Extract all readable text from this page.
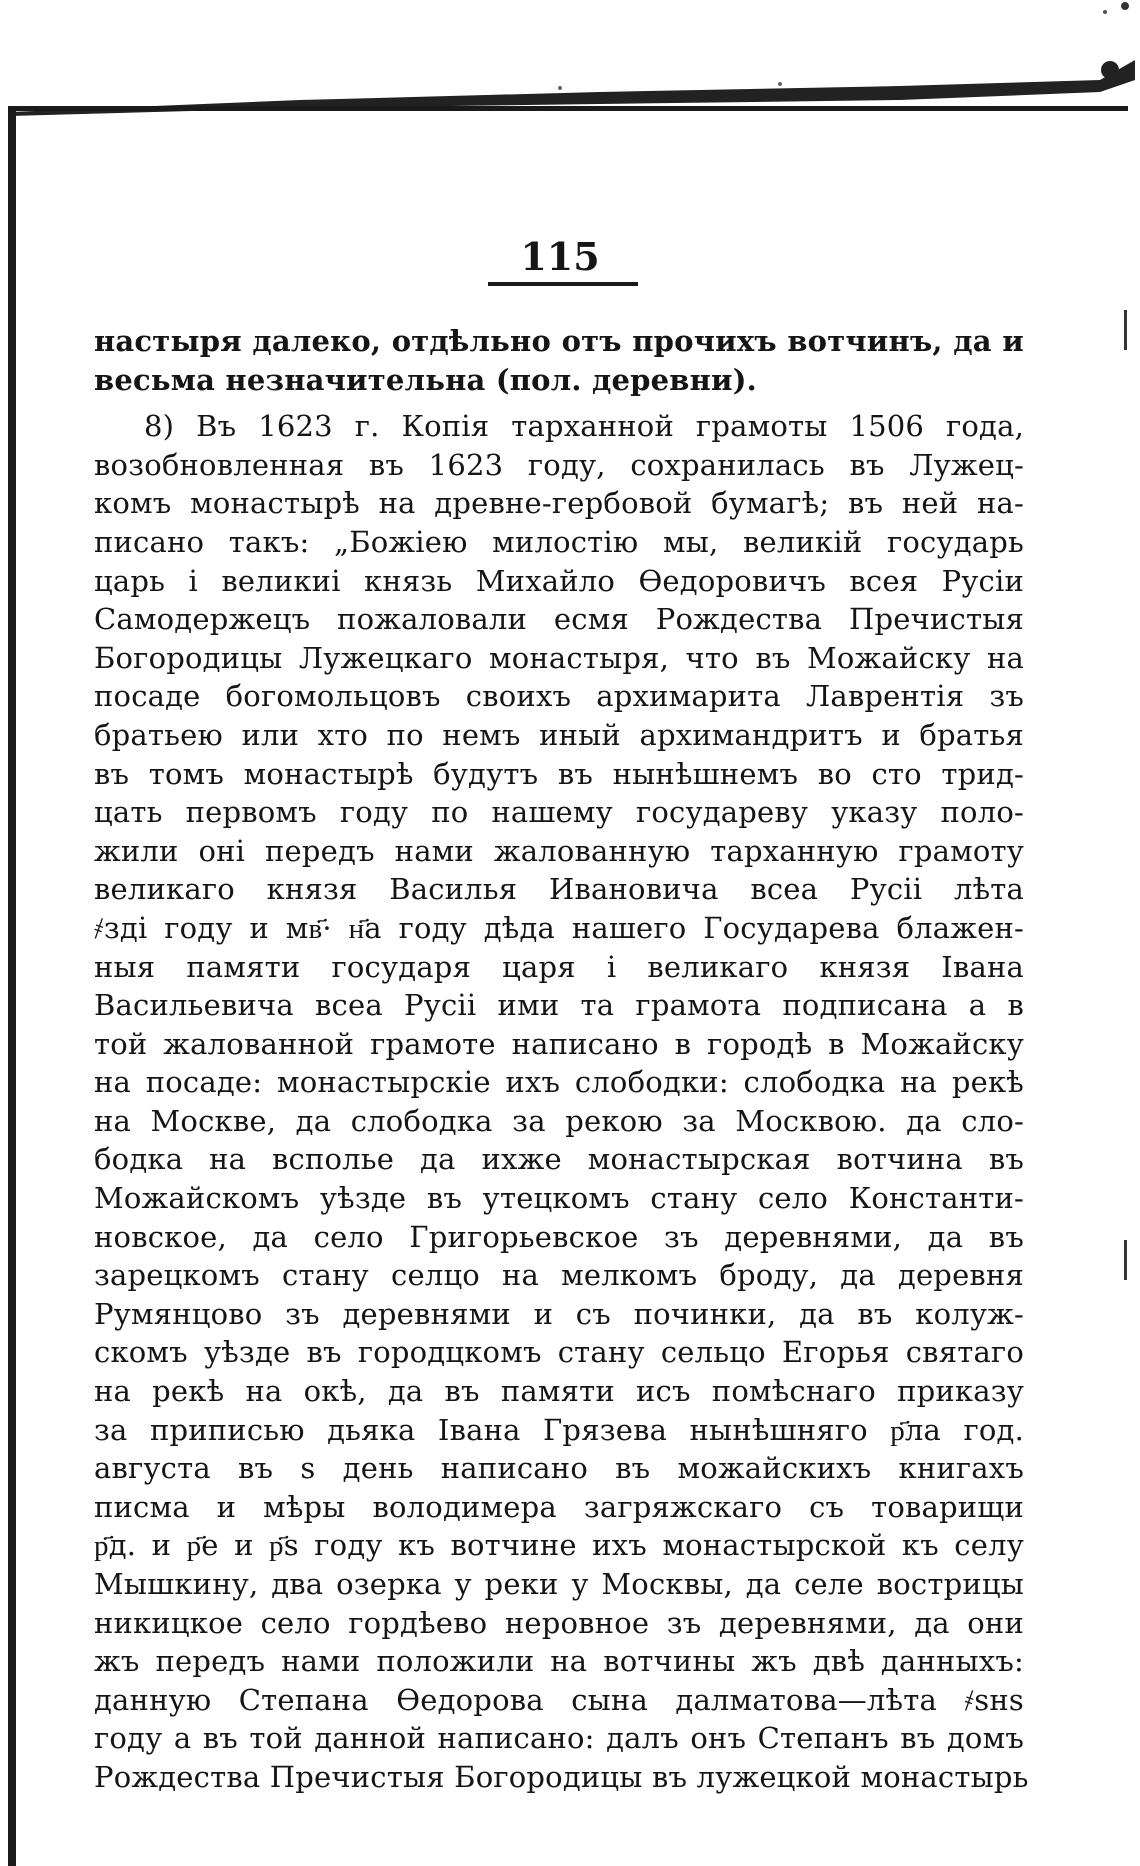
115
настыря далеко, отдѣльно отъ прочихъ вотчинъ, да и
весьма незначительна (пол. деревни).
8) Въ 1623 г. Копія тарханной грамоты 1506 года,
возобновленная въ 1623 году, сохранилась въ Лужец-
комъ монастырѣ на древне-гербовой бумагѣ; въ ней на-
писано такъ: „Божіею милостію мы, великій государь
царь і великиі князь Михайло Ѳедоровичъ всея Русіи
Самодержецъ пожаловали есмя Рождества Пречистыя
Богородицы Лужецкаго монастыря, что въ Можайску на
посаде богомольцовъ своихъ архимарита Лаврентія зъ
братьею или хто по немъ иный архимандритъ и братья
въ томъ монастырѣ будутъ въ нынѣшнемъ во сто трид-
цать первомъ году по нашему государеву указу поло-
жили оні передъ нами жалованную тарханную грамоту
великаго князя Василья Ивановича всеа Русіі лѣта
҂зді году и мв҃· н҃а году дѣда нашего Государева блажен-
ныя памяти государя царя і великаго князя Івана
Васильевича всеа Русіі ими та грамота подписана а в
той жалованной грамоте написано в городѣ в Можайску
на посаде: монастырскіе ихъ слободки: слободка на рекѣ
на Москве, да слободка за рекою за Москвою. да сло-
бодка на вспольe да ихже монастырская вотчина въ
Можайскомъ уѣзде въ утецкомъ стану село Константи-
новское, да село Григорьевское зъ деревнями, да въ
зарецкомъ стану селцо на мелкомъ броду, да деревня
Румянцово зъ деревнями и съ починки, да въ колуж-
скомъ уѣзде въ городцкомъ стану сельцо Егорья святаго
на рекѣ на окѣ, да въ памяти исъ помѣснаго приказу
за приписью дьяка Івана Грязева нынѣшняго р҃ла год.
августа въ ѕ день написано въ можайскихъ книгахъ
писма и мѣры володимера загряжскаго съ товарищи
р҃д. и р҃е и р҃ѕ году къ вотчине ихъ монастырской къ селу
Мышкину, два озерка у реки у Москвы, да селе вострицы
никицкое село гордѣево неровное зъ деревнями, да они
жъ передъ нами положили на вотчины жъ двѣ данныхъ:
данную Степана Ѳедорова сына далматова—лѣта ҂ѕнѕ
году а въ той данной написано: далъ онъ Степанъ въ домъ
Рождества Пречистыя Богородицы въ лужецкой монастырь
